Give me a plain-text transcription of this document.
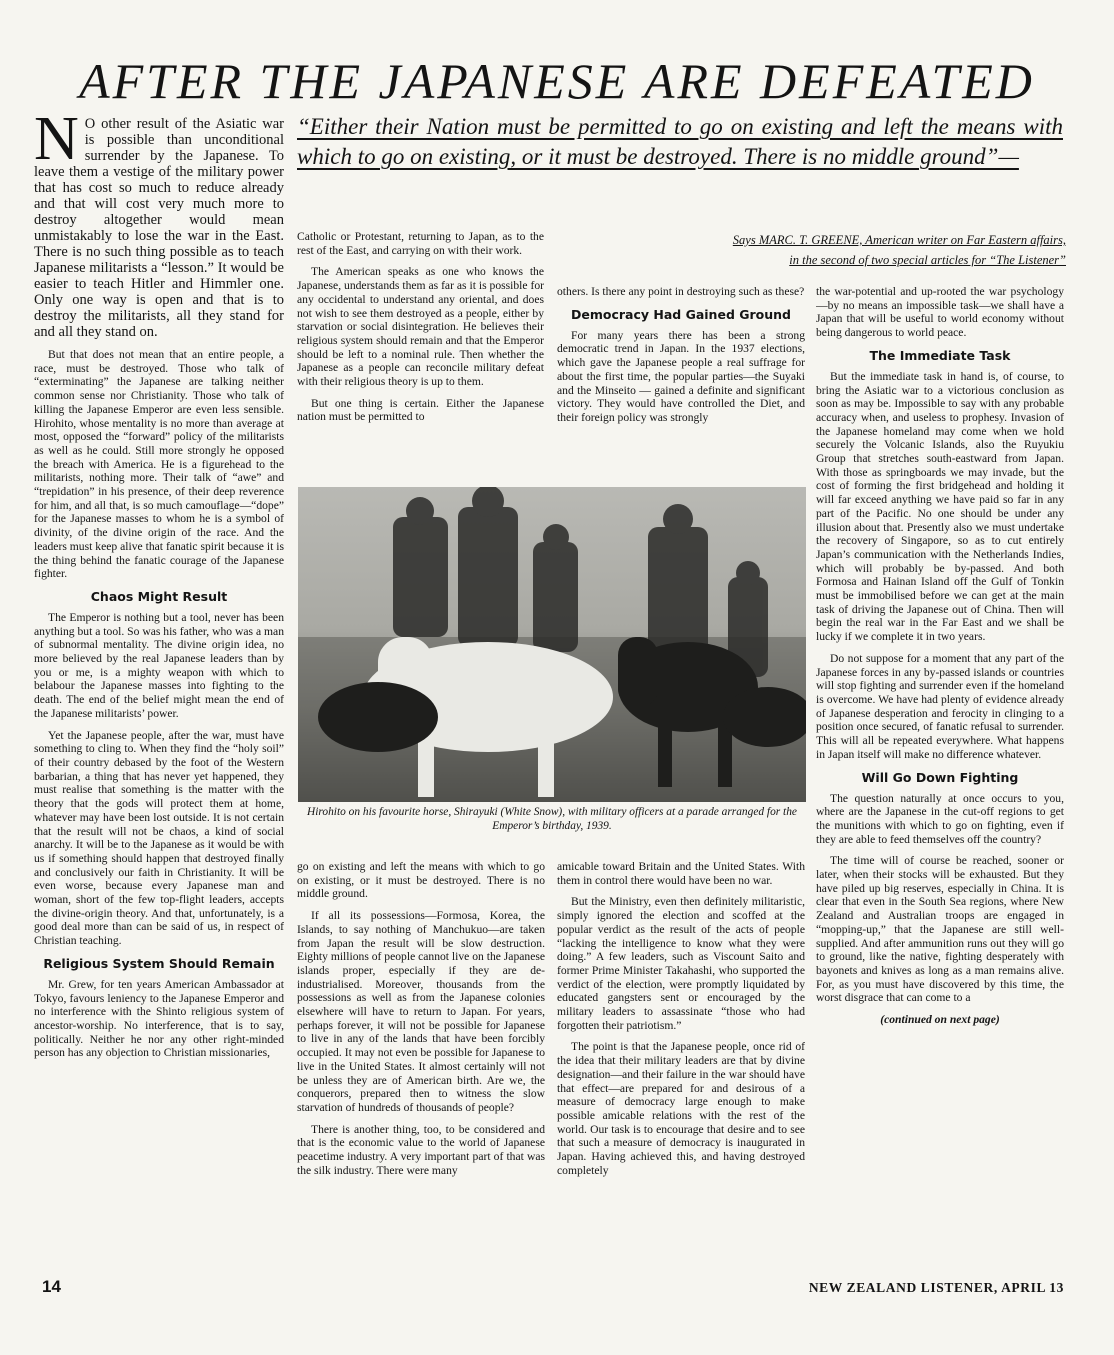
AFTER THE JAPANESE ARE DEFEATED
“Either their Nation must be permitted to go on existing and left the means with which to go on existing, or it must be destroyed. There is no middle ground”—
Says MARC. T. GREENE, American writer on Far Eastern affairs,
in the second of two special articles for “The Listener”

N O other result of the Asiatic war is possible than unconditional surrender by the Japanese. To leave them a vestige of the military power that has cost so much to reduce already and that will cost very much more to destroy altogether would mean unmistakably to lose the war in the East. There is no such thing possible as to teach Japanese militarists a “lesson.” It would be easier to teach Hitler and Himmler one. Only one way is open and that is to destroy the militarists, all they stand for and all they stand on.

But that does not mean that an entire people, a race, must be destroyed. Those who talk of “exterminating” the Japanese are talking neither common sense nor Christianity. Those who talk of killing the Japanese Emperor are even less sensible. Hirohito, whose mentality is no more than average at most, opposed the “forward” policy of the militarists as well as he could. Still more strongly he opposed the breach with America. He is a figurehead to the militarists, nothing more. Their talk of “awe” and “trepidation” in his presence, of their deep reverence for him, and all that, is so much camouflage—“dope” for the Japanese masses to whom he is a symbol of divinity, of the divine origin of the race. And the leaders must keep alive that fanatic spirit because it is the thing behind the fanatic courage of the Japanese fighter.

Chaos Might Result

The Emperor is nothing but a tool, never has been anything but a tool. So was his father, who was a man of subnormal mentality. The divine origin idea, no more believed by the real Japanese leaders than by you or me, is a mighty weapon with which to belabour the Japanese masses into fighting to the death. The end of the belief might mean the end of the Japanese militarists’ power.

Yet the Japanese people, after the war, must have something to cling to. When they find the “holy soil” of their country debased by the foot of the Western barbarian, a thing that has never yet happened, they must realise that something is the matter with the theory that the gods will protect them at home, whatever may have been lost outside. It is not certain that the result will not be chaos, a kind of social anarchy. It will be to the Japanese as it would be with us if something should happen that destroyed finally and conclusively our faith in Christianity. It will be even worse, because every Japanese man and woman, short of the few top-flight leaders, accepts the divine-origin theory. And that, unfortunately, is a good deal more than can be said of us, in respect of Christian teaching.

Religious System Should Remain

Mr. Grew, for ten years American Ambassador at Tokyo, favours leniency to the Japanese Emperor and no interference with the Shinto religious system of ancestor-worship. No interference, that is to say, politically. Neither he nor any other right-minded person has any objection to Christian missionaries,

Catholic or Protestant, returning to Japan, as to the rest of the East, and carrying on with their work.

The American speaks as one who knows the Japanese, understands them as far as it is possible for any occidental to understand any oriental, and does not wish to see them destroyed as a people, either by starvation or social disintegration. He believes their religious system should remain and that the Emperor should be left to a nominal rule. Then whether the Japanese as a people can reconcile military defeat with their religious theory is up to them.

But one thing is certain. Either the Japanese nation must be permitted to

others. Is there any point in destroying such as these?

Democracy Had Gained Ground

For many years there has been a strong democratic trend in Japan. In the 1937 elections, which gave the Japanese people a real suffrage for about the first time, the popular parties—the Suyaki and the Minseito — gained a definite and significant victory. They would have controlled the Diet, and their foreign policy was strongly

Hirohito on his favourite horse, Shirayuki (White Snow), with military officers at a parade arranged for the Emperor’s birthday, 1939.

go on existing and left the means with which to go on existing, or it must be destroyed. There is no middle ground.

If all its possessions—Formosa, Korea, the Islands, to say nothing of Manchukuo—are taken from Japan the result will be slow destruction. Eighty millions of people cannot live on the Japanese islands proper, especially if they are de-industrialised. Moreover, thousands from the possessions as well as from the Japanese colonies elsewhere will have to return to Japan. For years, perhaps forever, it will not be possible for Japanese to live in any of the lands that have been forcibly occupied. It may not even be possible for Japanese to live in the United States. It almost certainly will not be unless they are of American birth. Are we, the conquerors, prepared then to witness the slow starvation of hundreds of thousands of people?

There is another thing, too, to be considered and that is the economic value to the world of Japanese peacetime industry. A very important part of that was the silk industry. There were many

amicable toward Britain and the United States. With them in control there would have been no war.

But the Ministry, even then definitely militaristic, simply ignored the election and scoffed at the popular verdict as the result of the acts of people “lacking the intelligence to know what they were doing.” A few leaders, such as Viscount Saito and former Prime Minister Takahashi, who supported the verdict of the election, were promptly liquidated by educated gangsters sent or encouraged by the military leaders to assassinate “those who had forgotten their patriotism.”

The point is that the Japanese people, once rid of the idea that their military leaders are that by divine designation—and their failure in the war should have that effect—are prepared for and desirous of a measure of democracy large enough to make possible amicable relations with the rest of the world. Our task is to encourage that desire and to see that such a measure of democracy is inaugurated in Japan. Having achieved this, and having destroyed completely

the war-potential and up-rooted the war psychology—by no means an impossible task—we shall have a Japan that will be useful to world economy without being dangerous to world peace.

The Immediate Task

But the immediate task in hand is, of course, to bring the Asiatic war to a victorious conclusion as soon as may be. Impossible to say with any probable accuracy when, and useless to prophesy. Invasion of the Japanese homeland may come when we hold securely the Volcanic Islands, also the Ruyukiu Group that stretches south-eastward from Japan. With those as springboards we may invade, but the cost of forming the first bridgehead and holding it will far exceed anything we have paid so far in any part of the Pacific. No one should be under any illusion about that. Presently also we must undertake the recovery of Singapore, so as to cut entirely Japan’s communication with the Netherlands Indies, which will probably be by-passed. And both Formosa and Hainan Island off the Gulf of Tonkin must be immobilised before we can get at the main task of driving the Japanese out of China. Then will begin the real war in the Far East and we shall be lucky if we complete it in two years.

Do not suppose for a moment that any part of the Japanese forces in any by-passed islands or countries will stop fighting and surrender even if the homeland is overcome. We have had plenty of evidence already of Japanese desperation and ferocity in clinging to a position once secured, of fanatic refusal to surrender. This will all be repeated everywhere. What happens in Japan itself will make no difference whatever.

Will Go Down Fighting

The question naturally at once occurs to you, where are the Japanese in the cut-off regions to get the munitions with which to go on fighting, even if they are able to feed themselves off the country?

The time will of course be reached, sooner or later, when their stocks will be exhausted. But they have piled up big reserves, especially in China. It is clear that even in the South Sea regions, where New Zealand and Australian troops are engaged in “mopping-up,” that the Japanese are still well-supplied. And after ammunition runs out they will go to ground, like the native, fighting desperately with bayonets and knives as long as a man remains alive. For, as you must have discovered by this time, the worst disgrace that can come to a

(continued on next page)
14	NEW ZEALAND LISTENER, APRIL 13
